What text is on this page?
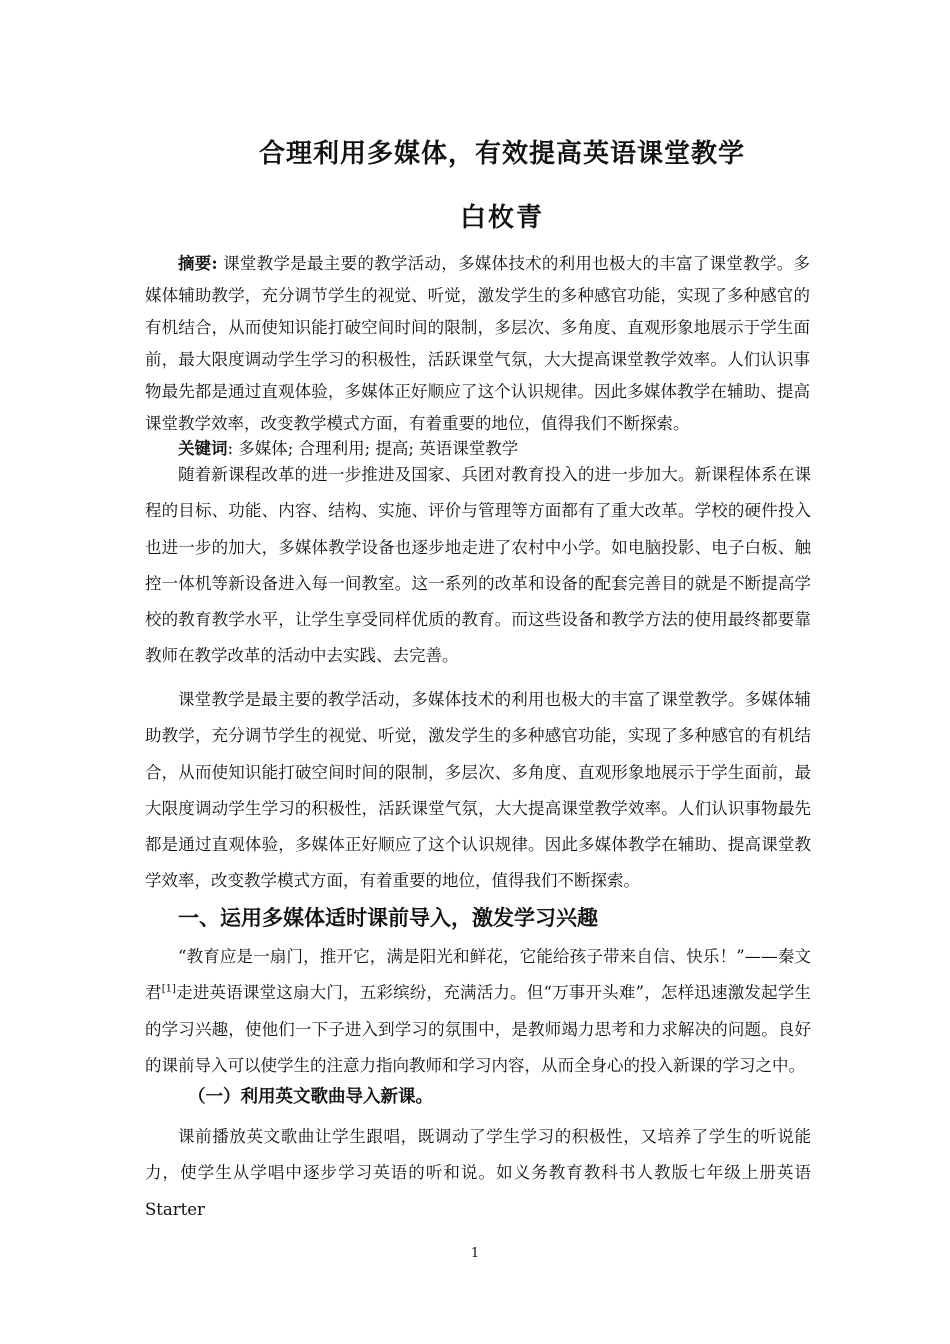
合理利用多媒体，有效提高英语课堂教学
白枚青

摘要: 课堂教学是最主要的教学活动，多媒体技术的利用也极大的丰富了课堂教学。多媒体辅助教学，充分调节学生的视觉、听觉，激发学生的多种感官功能，实现了多种感官的有机结合，从而使知识能打破空间时间的限制，多层次、多角度、直观形象地展示于学生面前，最大限度调动学生学习的积极性，活跃课堂气氛，大大提高课堂教学效率。人们认识事物最先都是通过直观体验，多媒体正好顺应了这个认识规律。因此多媒体教学在辅助、提高课堂教学效率，改变教学模式方面，有着重要的地位，值得我们不断探索。

关键词: 多媒体; 合理利用; 提高; 英语课堂教学

随着新课程改革的进一步推进及国家、兵团对教育投入的进一步加大。新课程体系在课程的目标、功能、内容、结构、实施、评价与管理等方面都有了重大改革。学校的硬件投入也进一步的加大，多媒体教学设备也逐步地走进了农村中小学。如电脑投影、电子白板、触控一体机等新设备进入每一间教室。这一系列的改革和设备的配套完善目的就是不断提高学校的教育教学水平，让学生享受同样优质的教育。而这些设备和教学方法的使用最终都要靠教师在教学改革的活动中去实践、去完善。

课堂教学是最主要的教学活动，多媒体技术的利用也极大的丰富了课堂教学。多媒体辅助教学，充分调节学生的视觉、听觉，激发学生的多种感官功能，实现了多种感官的有机结合，从而使知识能打破空间时间的限制，多层次、多角度、直观形象地展示于学生面前，最大限度调动学生学习的积极性，活跃课堂气氛，大大提高课堂教学效率。人们认识事物最先都是通过直观体验，多媒体正好顺应了这个认识规律。因此多媒体教学在辅助、提高课堂教学效率，改变教学模式方面，有着重要的地位，值得我们不断探索。

一、运用多媒体适时课前导入，激发学习兴趣

“教育应是一扇门，推开它，满是阳光和鲜花，它能给孩子带来自信、快乐！”——秦文君[1]走进英语课堂这扇大门，五彩缤纷，充满活力。但“万事开头难”，怎样迅速激发起学生的学习兴趣，使他们一下子进入到学习的氛围中，是教师竭力思考和力求解决的问题。良好的课前导入可以使学生的注意力指向教师和学习内容，从而全身心的投入新课的学习之中。

（一）利用英文歌曲导入新课。

课前播放英文歌曲让学生跟唱，既调动了学生学习的积极性，又培养了学生的听说能力，使学生从学唱中逐步学习英语的听和说。如义务教育教科书人教版七年级上册英语 Starter

1
